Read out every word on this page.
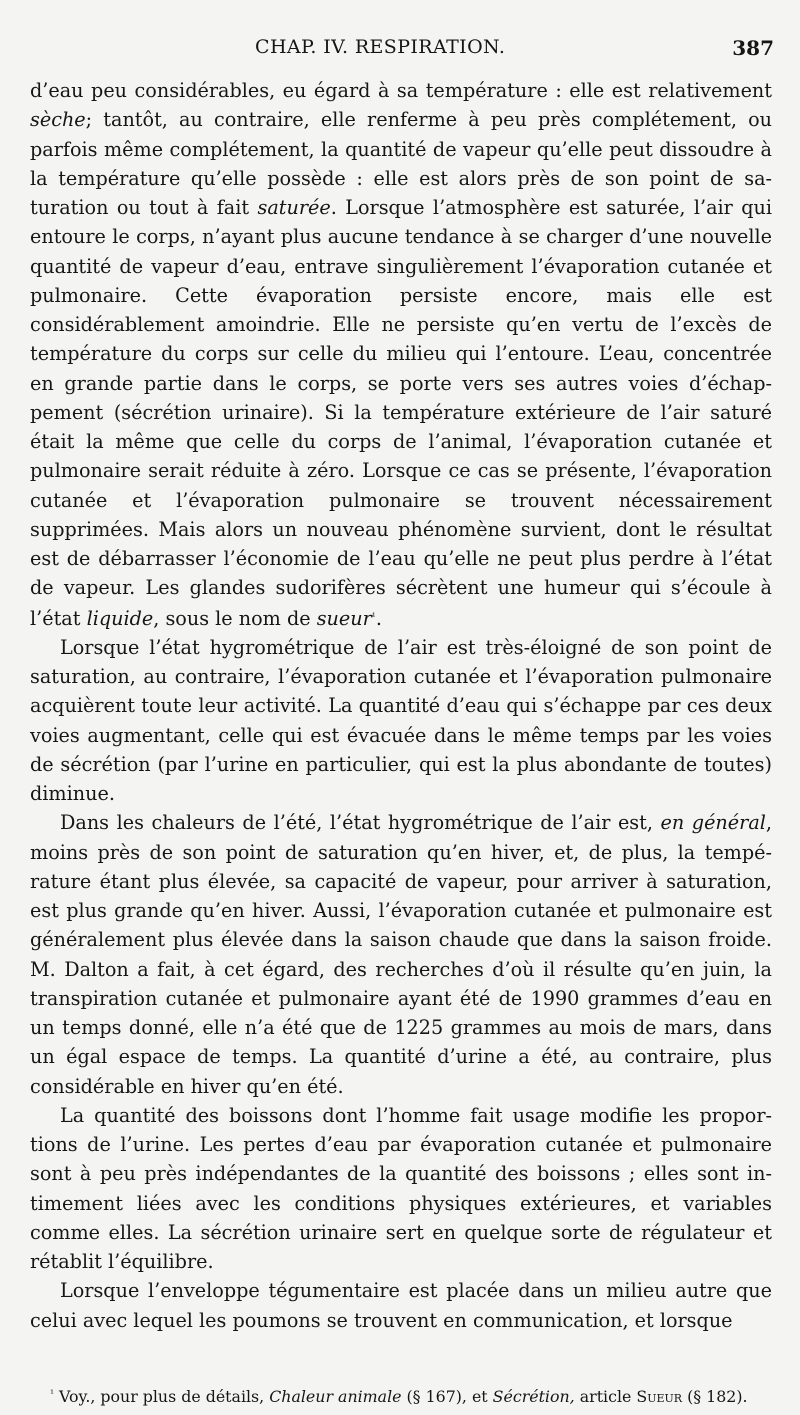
CHAP. IV. RESPIRATION.	387

d’eau peu considérables, eu égard à sa température : elle est relativement sèche; tantôt, au contraire, elle renferme à peu près complétement, ou parfois même complétement, la quantité de vapeur qu’elle peut dissoudre à la température qu’elle possède : elle est alors près de son point de saturation ou tout à fait saturée. Lorsque l’atmosphère est saturée, l’air qui entoure le corps, n’ayant plus aucune tendance à se charger d’une nouvelle quantité de vapeur d’eau, entrave singulièrement l’évaporation cutanée et pulmonaire. Cette évaporation persiste encore, mais elle est considérablement amoindrie. Elle ne persiste qu’en vertu de l’excès de température du corps sur celle du milieu qui l’entoure. L’eau, concentrée en grande partie dans le corps, se porte vers ses autres voies d’échappement (sécrétion urinaire). Si la température extérieure de l’air saturé était la même que celle du corps de l’animal, l’évaporation cutanée et pulmonaire serait réduite à zéro. Lorsque ce cas se présente, l’évaporation cutanée et l’évaporation pulmonaire se trouvent nécessairement supprimées. Mais alors un nouveau phénomène survient, dont le résultat est de débarrasser l’économie de l’eau qu’elle ne peut plus perdre à l’état de vapeur. Les glandes sudorifères sécrètent une humeur qui s’écoule à l’état liquide, sous le nom de sueur$^{^1}$.

Lorsque l’état hygrométrique de l’air est très-éloigné de son point de saturation, au contraire, l’évaporation cutanée et l’évaporation pulmonaire acquièrent toute leur activité. La quantité d’eau qui s’échappe par ces deux voies augmentant, celle qui est évacuée dans le même temps par les voies de sécrétion (par l’urine en particulier, qui est la plus abondante de toutes) diminue.

Dans les chaleurs de l’été, l’état hygrométrique de l’air est, en général, moins près de son point de saturation qu’en hiver, et, de plus, la température étant plus élevée, sa capacité de vapeur, pour arriver à saturation, est plus grande qu’en hiver. Aussi, l’évaporation cutanée et pulmonaire est généralement plus élevée dans la saison chaude que dans la saison froide. M. Dalton a fait, à cet égard, des recherches d’où il résulte qu’en juin, la transpiration cutanée et pulmonaire ayant été de 1990 grammes d’eau en un temps donné, elle n’a été que de 1225 grammes au mois de mars, dans un égal espace de temps. La quantité d’urine a été, au contraire, plus considérable en hiver qu’en été.

La quantité des boissons dont l’homme fait usage modifie les proportions de l’urine. Les pertes d’eau par évaporation cutanée et pulmonaire sont à peu près indépendantes de la quantité des boissons ; elles sont intimement liées avec les conditions physiques extérieures, et variables comme elles. La sécrétion urinaire sert en quelque sorte de régulateur et rétablit l’équilibre.

Lorsque l’enveloppe tégumentaire est placée dans un milieu autre que celui avec lequel les poumons se trouvent en communication, et lorsque

$^{^1}$ Voy., pour plus de détails, Chaleur animale (§ 167), et Sécrétion, article Sueur (§ 182).
